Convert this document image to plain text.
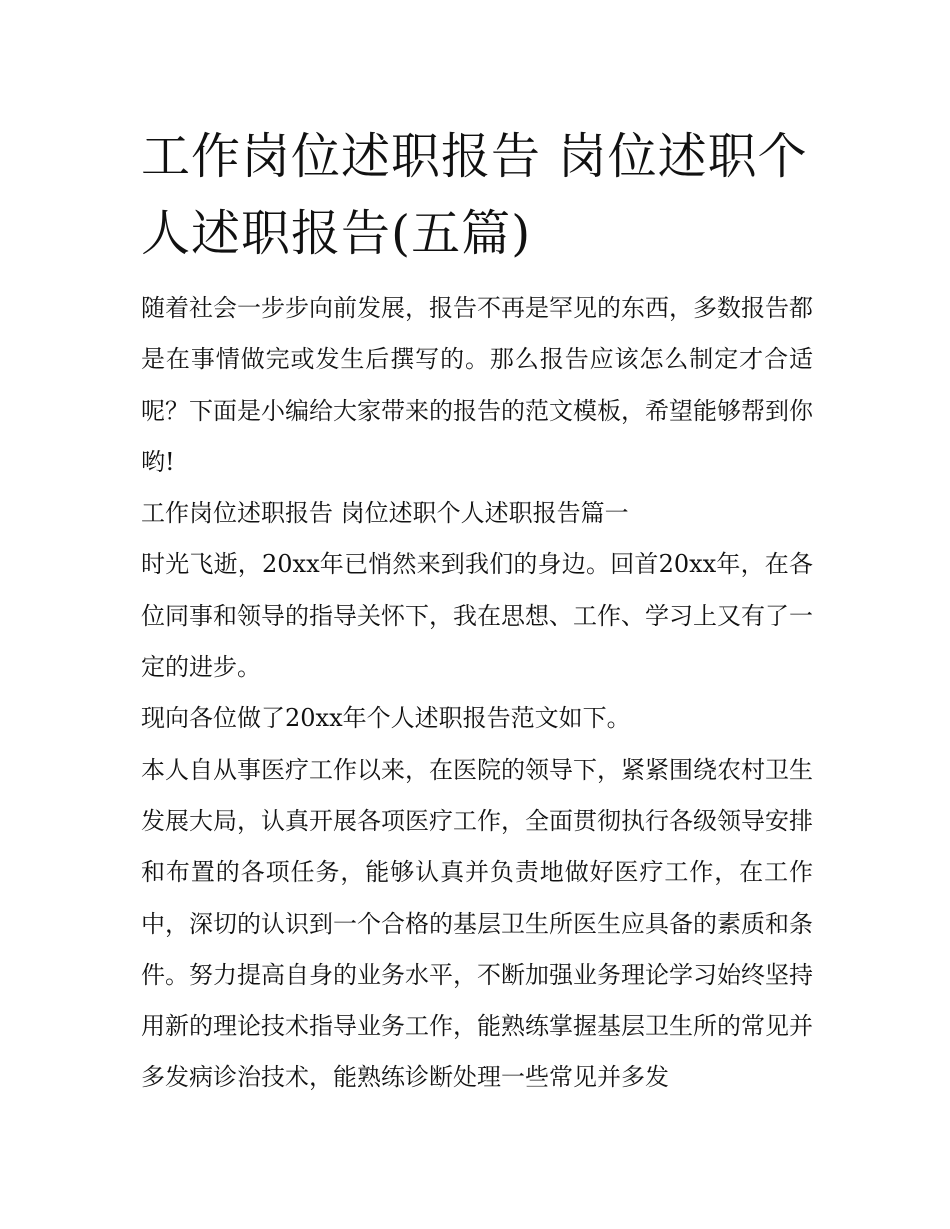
工作岗位述职报告 岗位述职个人述职报告(五篇)

随着社会一步步向前发展，报告不再是罕见的东西，多数报告都是在事情做完或发生后撰写的。那么报告应该怎么制定才合适呢？下面是小编给大家带来的报告的范文模板，希望能够帮到你哟!

工作岗位述职报告 岗位述职个人述职报告篇一

时光飞逝，20xx年已悄然来到我们的身边。回首20xx年，在各位同事和领导的指导关怀下，我在思想、工作、学习上又有了一定的进步。

现向各位做了20xx年个人述职报告范文如下。

本人自从事医疗工作以来，在医院的领导下，紧紧围绕农村卫生发展大局，认真开展各项医疗工作，全面贯彻执行各级领导安排和布置的各项任务，能够认真并负责地做好医疗工作，在工作中，深切的认识到一个合格的基层卫生所医生应具备的素质和条件。努力提高自身的业务水平，不断加强业务理论学习始终坚持用新的理论技术指导业务工作，能熟练掌握基层卫生所的常见并多发病诊治技术，能熟练诊断处理一些常见并多发
